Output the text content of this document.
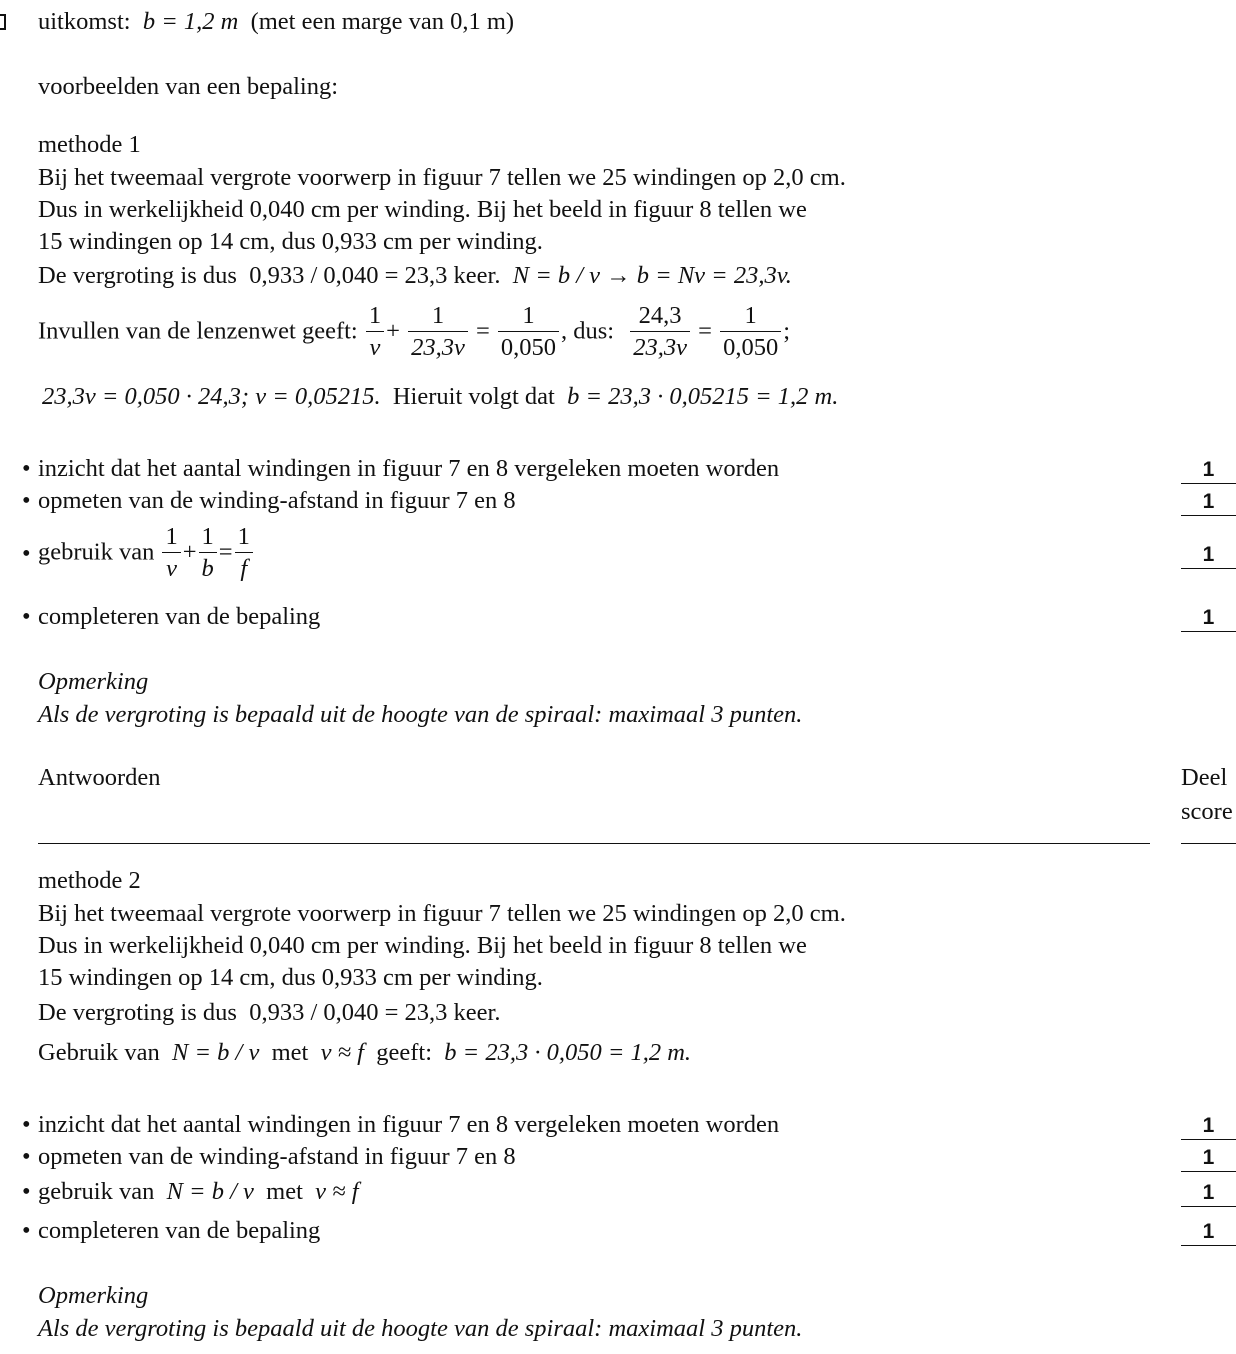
uitkomst: b = 1,2 m (met een marge van 0,1 m)
voorbeelden van een bepaling:
methode 1
Bij het tweemaal vergrote voorwerp in figuur 7 tellen we 25 windingen op 2,0 cm.
Dus in werkelijkheid 0,040 cm per winding. Bij het beeld in figuur 8 tellen we
15 windingen op 14 cm, dus 0,933 cm per winding.
De vergroting is dus 0,933 / 0,040 = 23,3 keer. N = b / v → b = Nv = 23,3v.
Invullen van de lenzenwet geeft: $\frac{1}{v} + \frac{1}{23,3v} = \frac{1}{0,050}$ , dus: $\frac{24,3}{23,3v} = \frac{1}{0,050}$ ;
23,3v = 0,050 · 24,3; v = 0,05215. Hieruit volgt dat b = 23,3 · 0,05215 = 1,2 m.
• inzicht dat het aantal windingen in figuur 7 en 8 vergeleken moeten worden	1
• opmeten van de winding-afstand in figuur 7 en 8	1
• gebruik van $\frac{1}{v} + \frac{1}{b} = \frac{1}{f}$	1
• completeren van de bepaling	1
Opmerking
Als de vergroting is bepaald uit de hoogte van de spiraal: maximaal 3 punten.
Antwoorden	Deel
score
methode 2
Bij het tweemaal vergrote voorwerp in figuur 7 tellen we 25 windingen op 2,0 cm.
Dus in werkelijkheid 0,040 cm per winding. Bij het beeld in figuur 8 tellen we
15 windingen op 14 cm, dus 0,933 cm per winding.
De vergroting is dus 0,933 / 0,040 = 23,3 keer.
Gebruik van N = b / v met v ≈ f geeft: b = 23,3 · 0,050 = 1,2 m.
• inzicht dat het aantal windingen in figuur 7 en 8 vergeleken moeten worden	1
• opmeten van de winding-afstand in figuur 7 en 8	1
• gebruik van N = b / v met v ≈ f	1
• completeren van de bepaling	1
Opmerking
Als de vergroting is bepaald uit de hoogte van de spiraal: maximaal 3 punten.
